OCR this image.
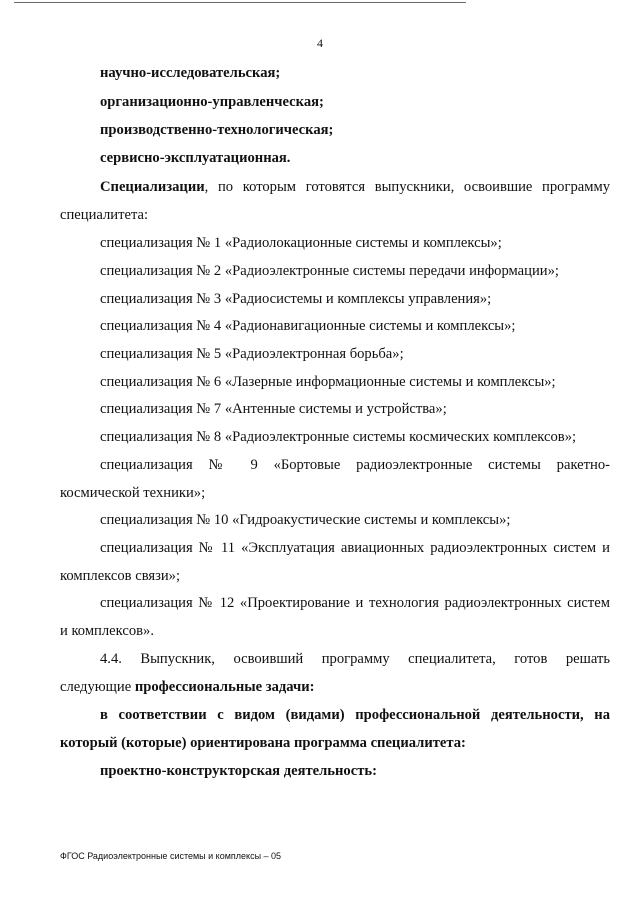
4
научно-исследовательская;
организационно-управленческая;
производственно-технологическая;
сервисно-эксплуатационная.
Специализации, по которым готовятся выпускники, освоившие программу
специалитета:
специализация № 1 «Радиолокационные системы и комплексы»;
специализация № 2 «Радиоэлектронные системы передачи информации»;
специализация № 3 «Радиосистемы и комплексы управления»;
специализация № 4 «Радионавигационные системы и комплексы»;
специализация № 5 «Радиоэлектронная борьба»;
специализация № 6 «Лазерные информационные системы и комплексы»;
специализация № 7 «Антенные системы и устройства»;
специализация № 8 «Радиоэлектронные системы космических комплексов»;
специализация № 9 «Бортовые радиоэлектронные системы ракетно-
космической техники»;
специализация № 10 «Гидроакустические системы и комплексы»;
специализация № 11 «Эксплуатация авиационных радиоэлектронных систем и
комплексов связи»;
специализация № 12 «Проектирование и технология радиоэлектронных систем
и комплексов».
4.4. Выпускник, освоивший программу специалитета, готов решать
следующие профессиональные задачи:
в соответствии с видом (видами) профессиональной деятельности, на
который (которые) ориентирована программа специалитета:
проектно-конструкторская деятельность:
ФГОС Радиоэлектронные системы и комплексы – 05
